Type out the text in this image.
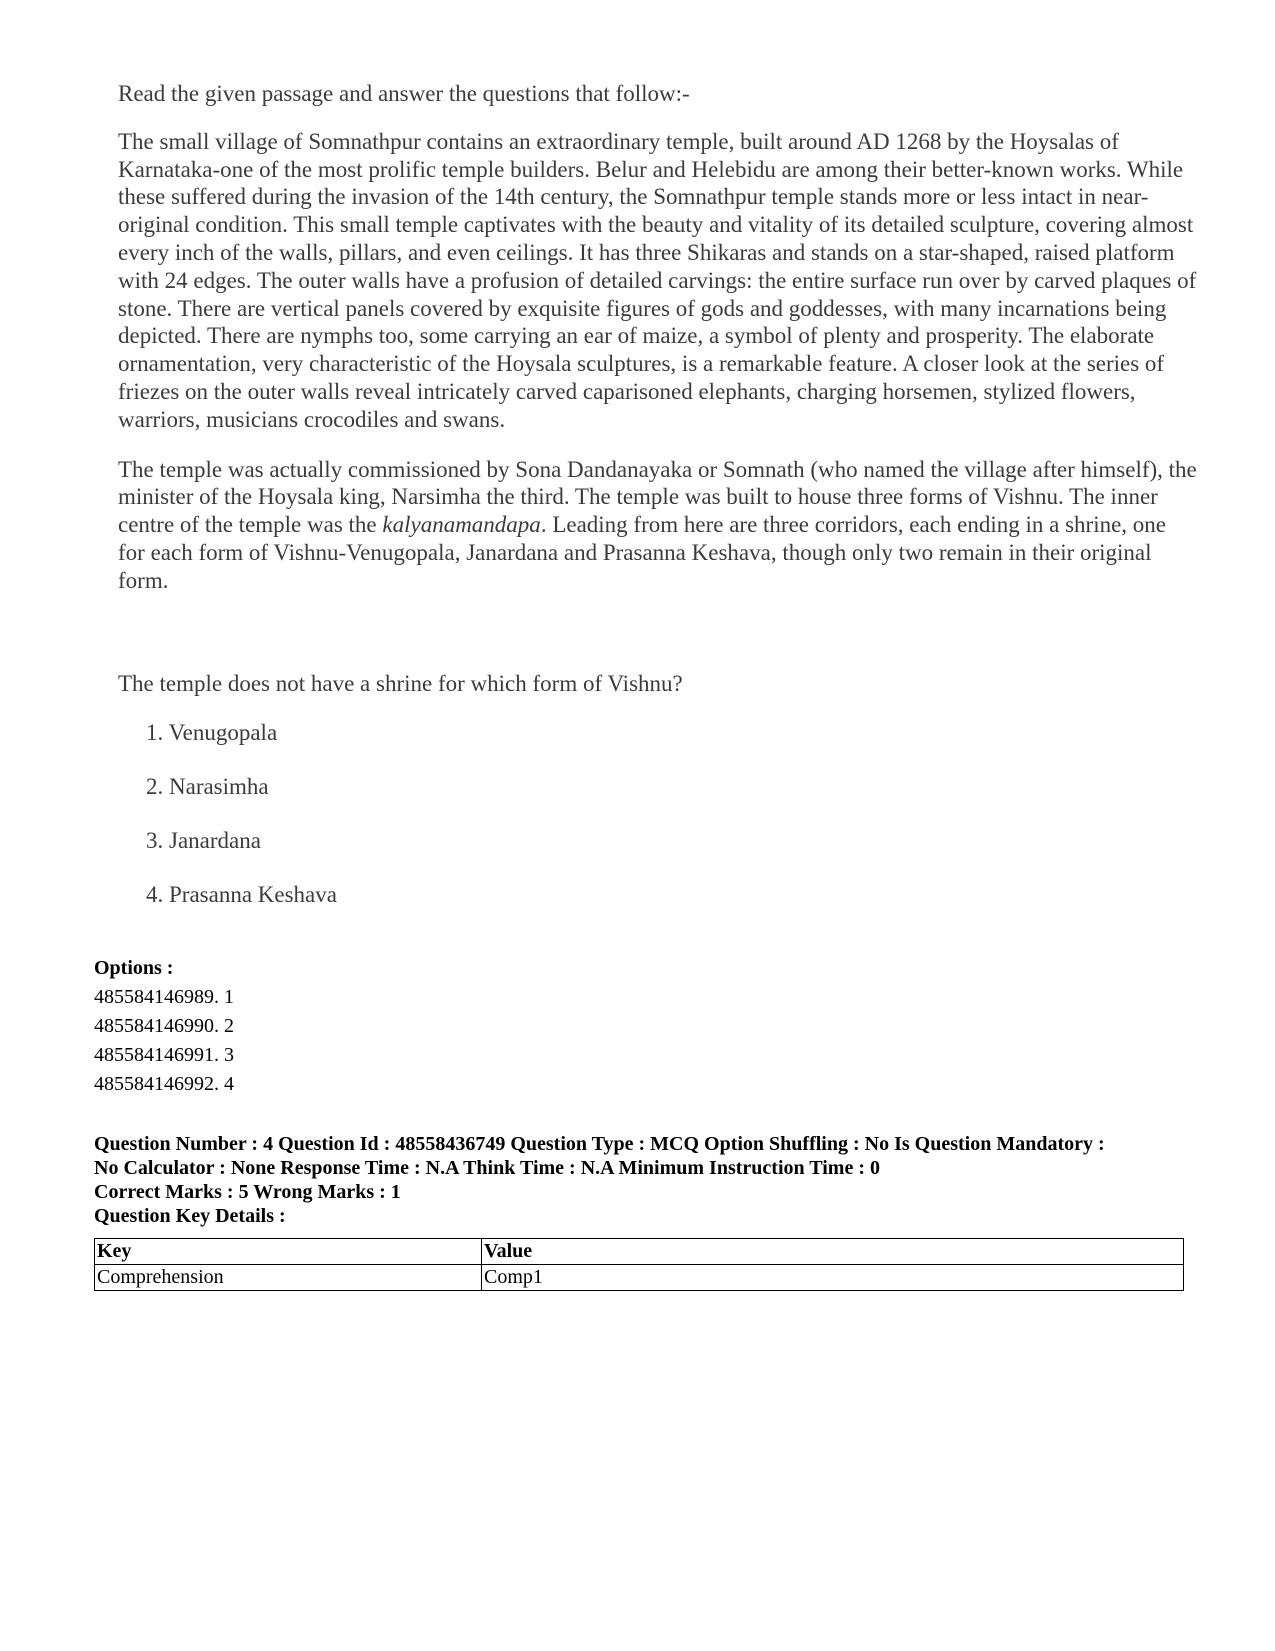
Read the given passage and answer the questions that follow:-

The small village of Somnathpur contains an extraordinary temple, built around AD 1268 by the Hoysalas of Karnataka-one of the most prolific temple builders. Belur and Helebidu are among their better-known works. While these suffered during the invasion of the 14th century, the Somnathpur temple stands more or less intact in near-original condition. This small temple captivates with the beauty and vitality of its detailed sculpture, covering almost every inch of the walls, pillars, and even ceilings. It has three Shikaras and stands on a star-shaped, raised platform with 24 edges. The outer walls have a profusion of detailed carvings: the entire surface run over by carved plaques of stone. There are vertical panels covered by exquisite figures of gods and goddesses, with many incarnations being depicted. There are nymphs too, some carrying an ear of maize, a symbol of plenty and prosperity. The elaborate ornamentation, very characteristic of the Hoysala sculptures, is a remarkable feature. A closer look at the series of friezes on the outer walls reveal intricately carved caparisoned elephants, charging horsemen, stylized flowers, warriors, musicians crocodiles and swans.

The temple was actually commissioned by Sona Dandanayaka or Somnath (who named the village after himself), the minister of the Hoysala king, Narsimha the third. The temple was built to house three forms of Vishnu. The inner centre of the temple was the kalyanamandapa. Leading from here are three corridors, each ending in a shrine, one for each form of Vishnu-Venugopala, Janardana and Prasanna Keshava, though only two remain in their original form.

The temple does not have a shrine for which form of Vishnu?

1. Venugopala
2. Narasimha
3. Janardana
4. Prasanna Keshava
Options :
485584146989. 1
485584146990. 2
485584146991. 3
485584146992. 4

Question Number : 4 Question Id : 48558436749 Question Type : MCQ Option Shuffling : No Is Question Mandatory :

No Calculator : None Response Time : N.A Think Time : N.A Minimum Instruction Time : 0

Correct Marks : 5 Wrong Marks : 1

Question Key Details :

Key	Value
Comprehension	Comp1
